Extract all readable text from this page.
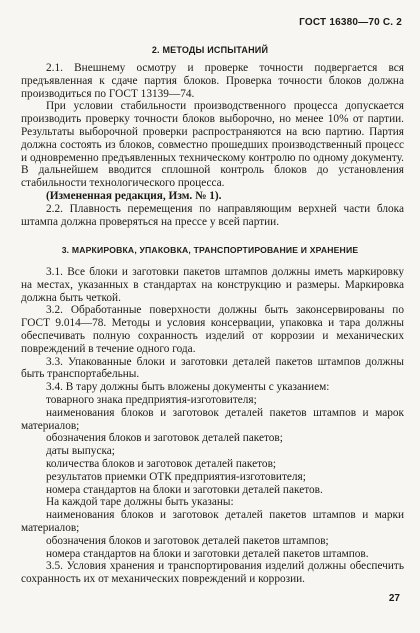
ГОСТ 16380—70 С. 2
2. МЕТОДЫ ИСПЫТАНИЙ

2.1. Внешнему осмотру и проверке точности подвергается вся предъявленная к сдаче партия блоков. Проверка точности блоков должна производиться по ГОСТ 13139—74.

При условии стабильности производственного процесса допускается производить проверку точности блоков выборочно, но менее 10% от партии. Результаты выборочной проверки распространяются на всю партию. Партия должна состоять из блоков, совместно прошедших производственный процесс и одновременно предъявленных техническому контролю по одному документу. В дальнейшем вводится сплошной контроль блоков до установления стабильности технологического процесса.

(Измененная редакция, Изм. № 1).

2.2. Плавность перемещения по направляющим верхней части блока штампа должна проверяться на прессе у всей партии.

3. МАРКИРОВКА, УПАКОВКА, ТРАНСПОРТИРОВАНИЕ И ХРАНЕНИЕ

3.1. Все блоки и заготовки пакетов штампов должны иметь маркировку на местах, указанных в стандартах на конструкцию и размеры. Маркировка должна быть четкой.

3.2. Обработанные поверхности должны быть законсервированы по ГОСТ 9.014—78. Методы и условия консервации, упаковка и тара должны обеспечивать полную сохранность изделий от коррозии и механических повреждений в течение одного года.

3.3. Упакованные блоки и заготовки деталей пакетов штампов должны быть транспортабельны.

3.4. В тару должны быть вложены документы с указанием:

товарного знака предприятия-изготовителя;

наименования блоков и заготовок деталей пакетов штампов и марок материалов;

обозначения блоков и заготовок деталей пакетов;

даты выпуска;

количества блоков и заготовок деталей пакетов;

результатов приемки ОТК предприятия-изготовителя;

номера стандартов на блоки и заготовки деталей пакетов.

На каждой таре должны быть указаны:

наименования блоков и заготовок деталей пакетов штампов и марки материалов;

обозначения блоков и заготовок деталей пакетов штампов;

номера стандартов на блоки и заготовки деталей пакетов штампов.

3.5. Условия хранения и транспортирования изделий должны обеспечить сохранность их от механических повреждений и коррозии.

27
